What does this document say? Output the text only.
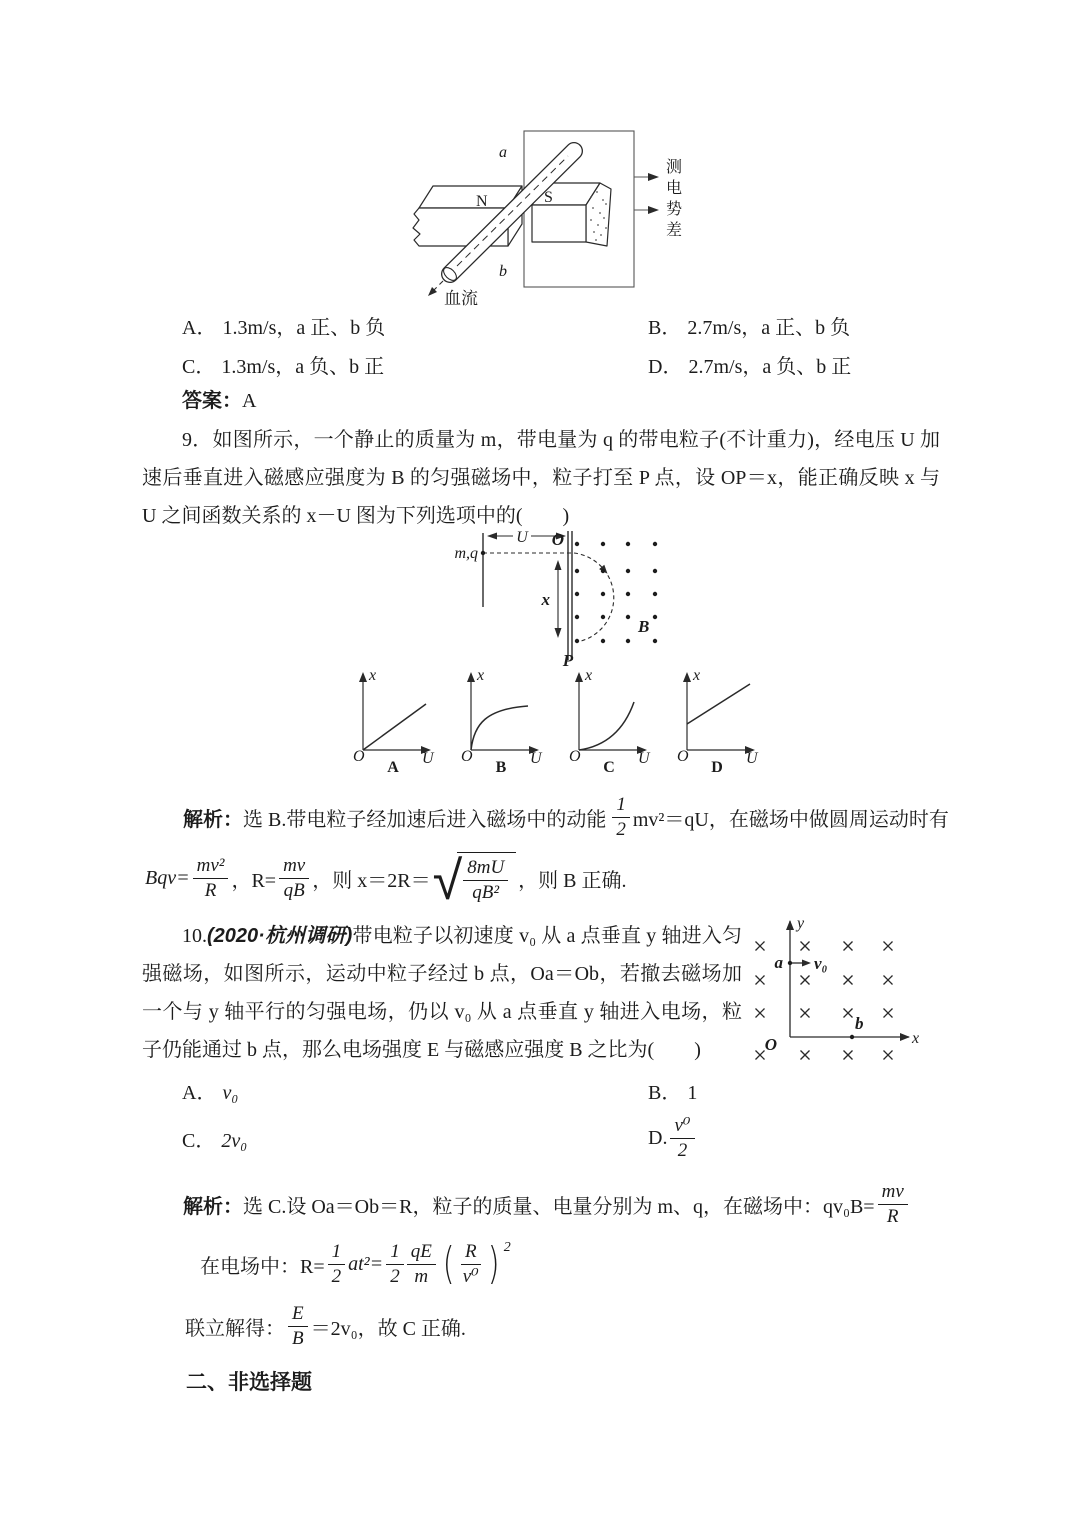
a
b
N	S
血流
测
电
势
差
A． 1.3m/s，a 正、b 负	B． 2.7m/s，a 正、b 负
C． 1.3m/s，a 负、b 正	D． 2.7m/s，a 负、b 正
答案：A
9．如图所示，一个静止的质量为 m，带电量为 q 的带电粒子(不计重力)，经电压 U 加速后垂直进入磁感应强度为 B 的匀强磁场中，粒子打至 P 点，设 OP＝x，能正确反映 x 与 U 之间函数关系的 x－U 图为下列选项中的(　　)
U
m,q
O
x
P
B
O
x
U
A
O
x
U
B
O
x
U
C
O
x
U
D
解析： 选 B.带电粒子经加速后进入磁场中的动能 $\frac{1}{2} mv^2=qU$，在磁场中做圆周运动时有
$Bqv= \frac{\text{mv²}}{R}$ ，$R= \frac{mv}{qB}$ ，则 x＝2R＝ √ $\frac{8mU}{\text{qB²}}$ ，则 B 正确.
10.(2020·杭州调研)带电粒子以初速度 v₀ 从 a 点垂直 y 轴进入匀强磁场，如图所示，运动中粒子经过 b 点，Oa＝Ob，若撤去磁场加一个与 y 轴平行的匀强电场，仍以 v₀ 从 a 点垂直 y 轴进入电场，粒子仍能通过 b 点，那么电场强度 E 与磁感应强度 B 之比为(　　)	O
y
x
a v₀
b
A． v₀	B． 1
C． 2v₀	D. $\frac{\text{v⁰}}{2}$
解析： 选 C.设 Oa＝Ob＝R，粒子的质量、电量分别为 m、q，在磁场中：$qv_0B= \frac{mv}{R}$
在电场中：$R= \frac{1}{2} at^2= \frac{1}{2} \frac{qE}{m}$ ( $\frac{R}{\text{v⁰}}$ ) 2
联立解得： $\frac{E}{B} =2v_0$，故 C 正确.
二、非选择题
